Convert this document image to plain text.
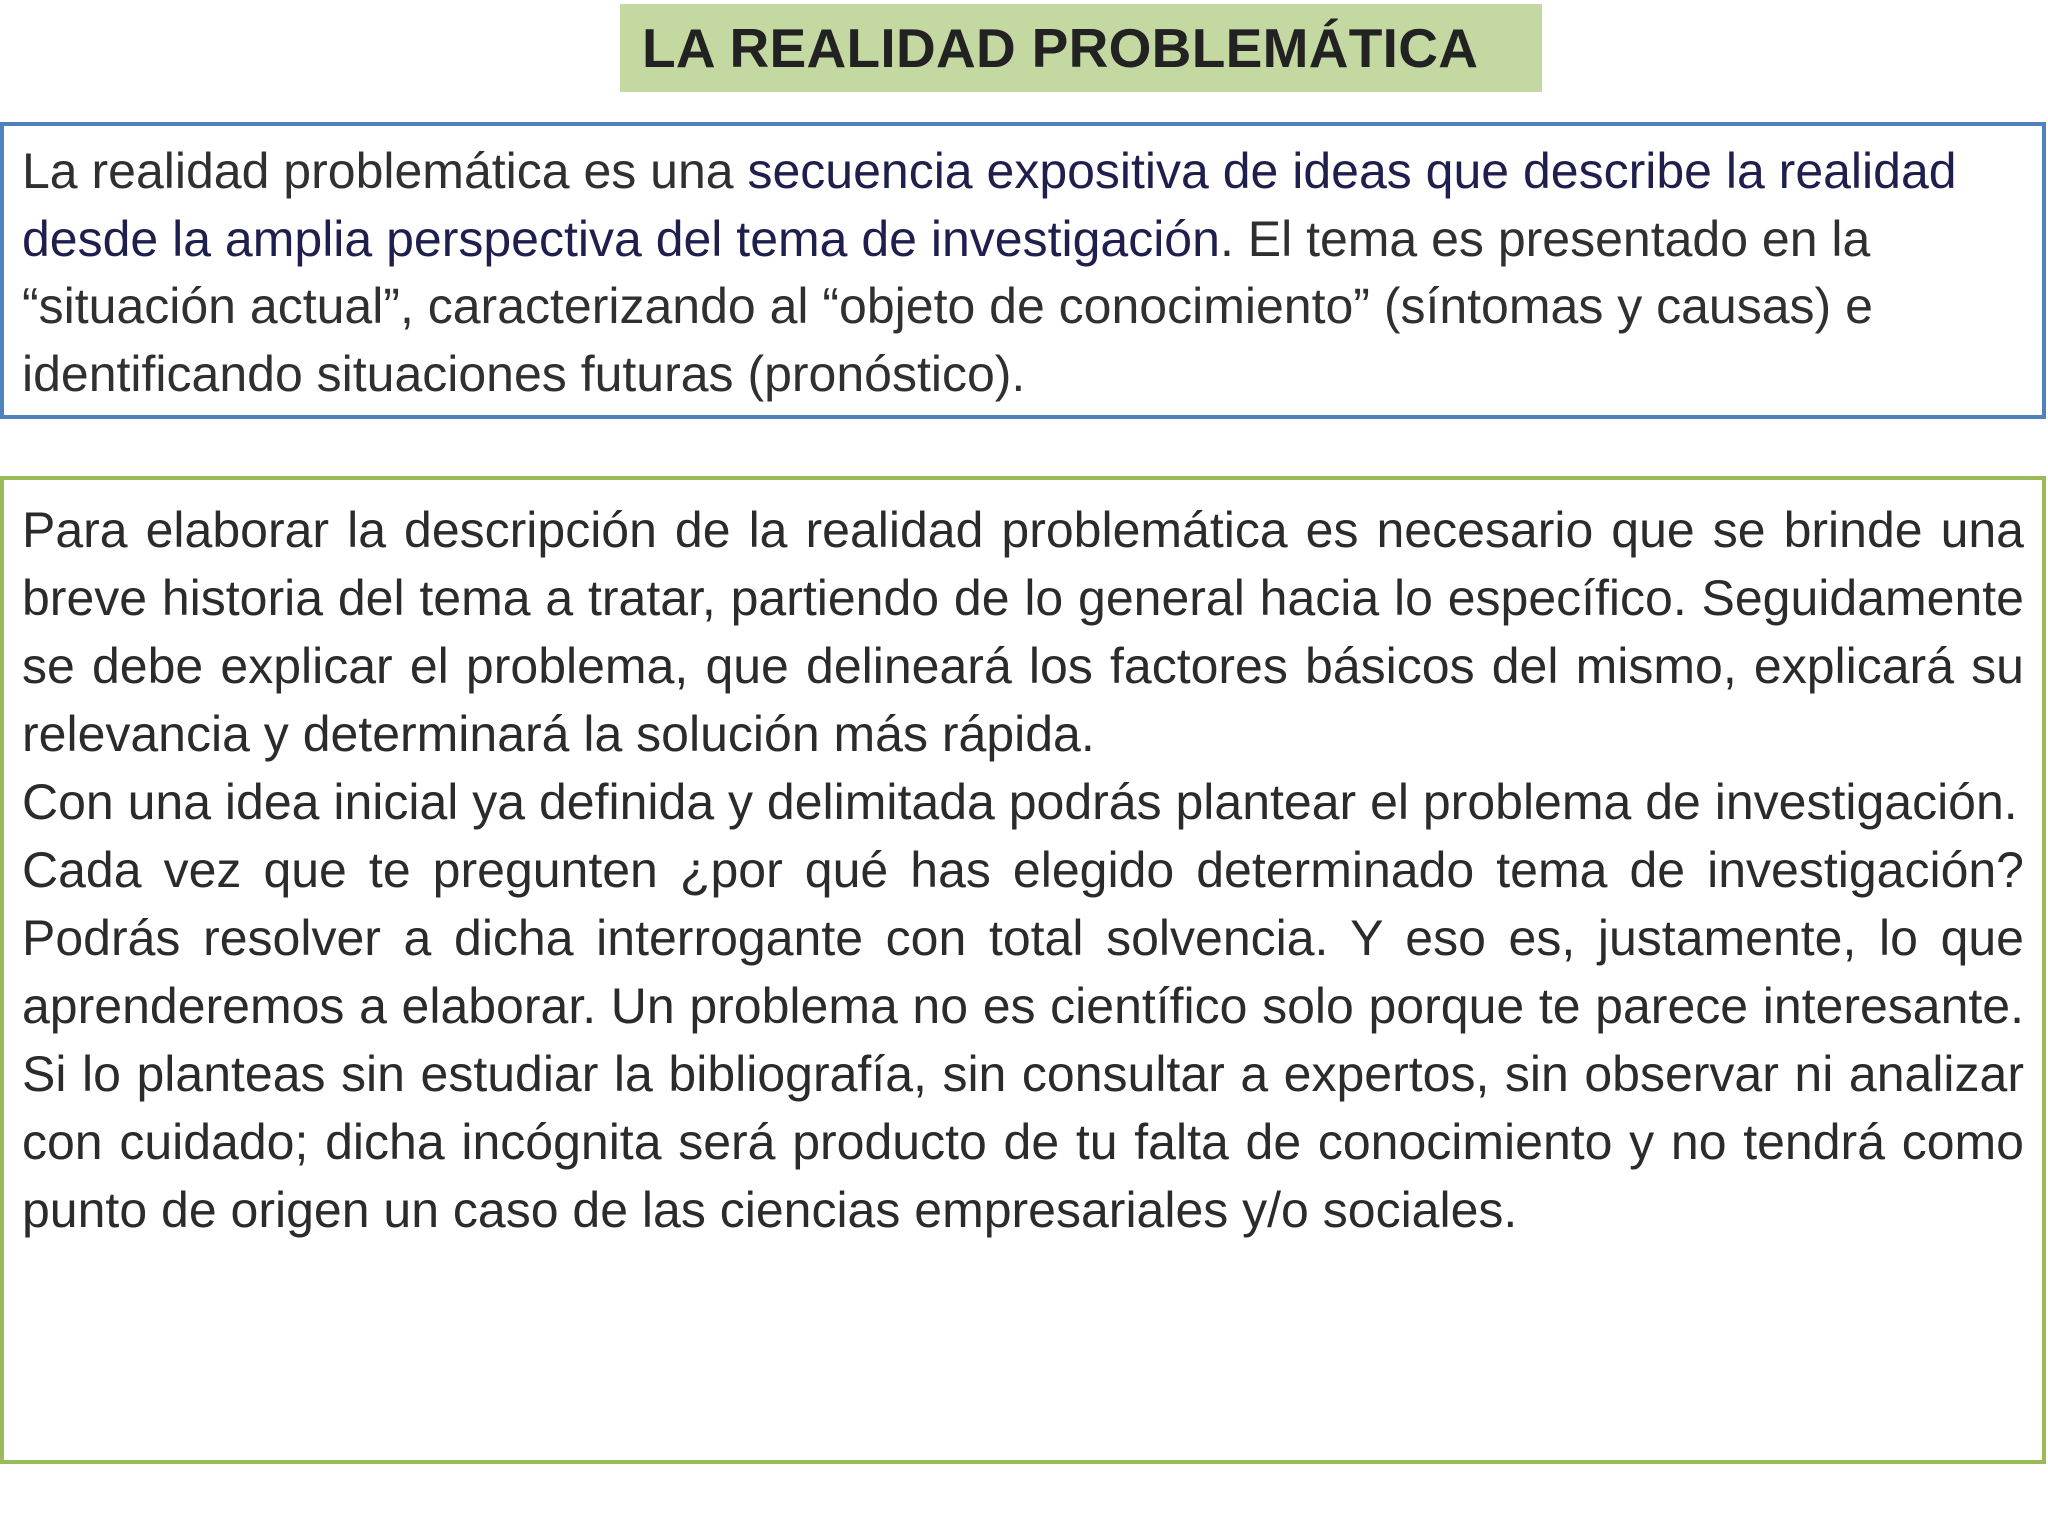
LA REALIDAD PROBLEMÁTICA

La realidad problemática es una secuencia expositiva de ideas que describe la realidad desde la amplia perspectiva del tema de investigación. El tema es presentado en la “situación actual”, caracterizando al “objeto de conocimiento” (síntomas y causas) e identificando situaciones futuras (pronóstico).

Para elaborar la descripción de la realidad problemática es necesario que se brinde una breve historia del tema a tratar, partiendo de lo general hacia lo específico. Seguidamente se debe explicar el problema, que delineará los factores básicos del mismo, explicará su relevancia y determinará la solución más rápida.

Con una idea inicial ya definida y delimitada podrás plantear el problema de investigación.

Cada vez que te pregunten ¿por qué has elegido determinado tema de investigación? Podrás resolver a dicha interrogante con total solvencia. Y eso es, justamente, lo que aprenderemos a elaborar. Un problema no es científico solo porque te parece interesante. Si lo planteas sin estudiar la bibliografía, sin consultar a expertos, sin observar ni analizar con cuidado; dicha incógnita será producto de tu falta de conocimiento y no tendrá como punto de origen un caso de las ciencias empresariales y/o sociales.
